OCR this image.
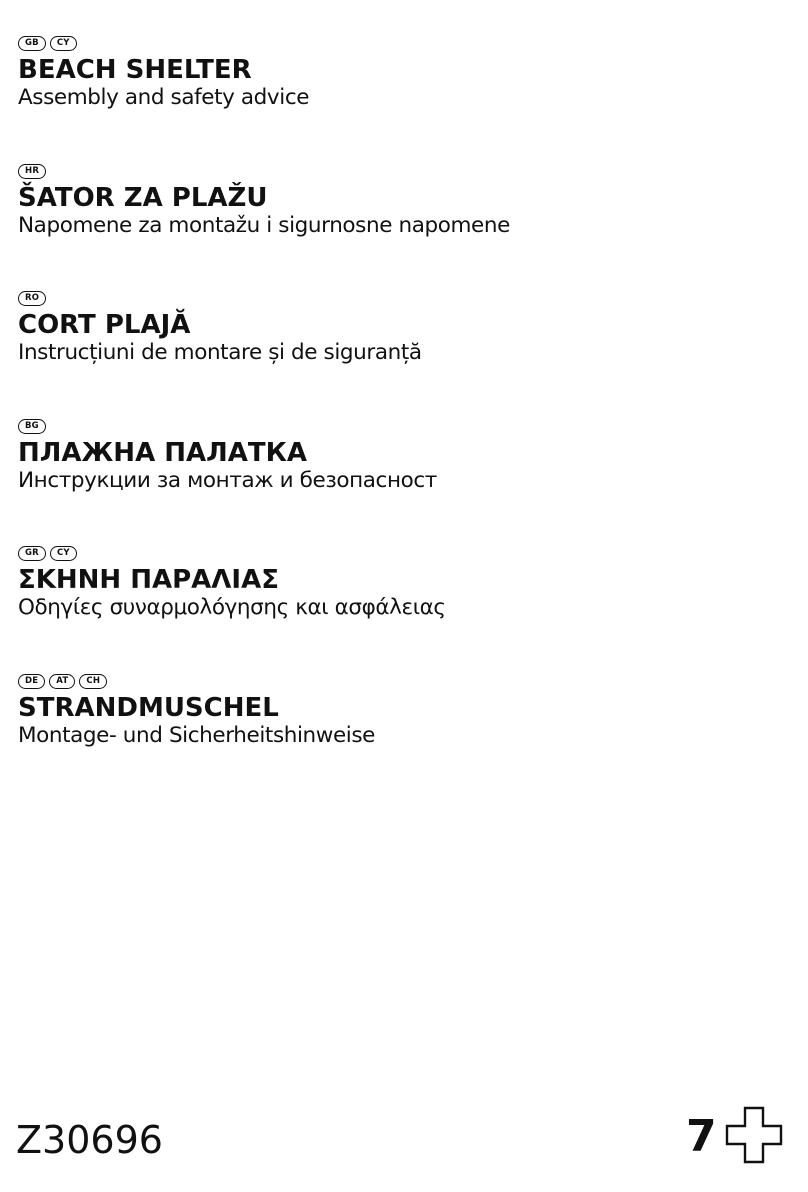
GB	CY
BEACH SHELTER
Assembly and safety advice
HR
ŠATOR ZA PLAŽU
Napomene za montažu i sigurnosne napomene
RO
CORT PLAJĂ
Instrucțiuni de montare și de siguranță
BG
ПЛАЖНА ПАЛАТКА
Инструкции за монтаж и безопасност
GR	CY
ΣΚΗΝΗ ΠΑΡΑΛΙΑΣ
Οδηγίες συναρμολόγησης και ασφάλειας
DE	AT	CH
STRANDMUSCHEL
Montage- und Sicherheitshinweise
Z30696	7
